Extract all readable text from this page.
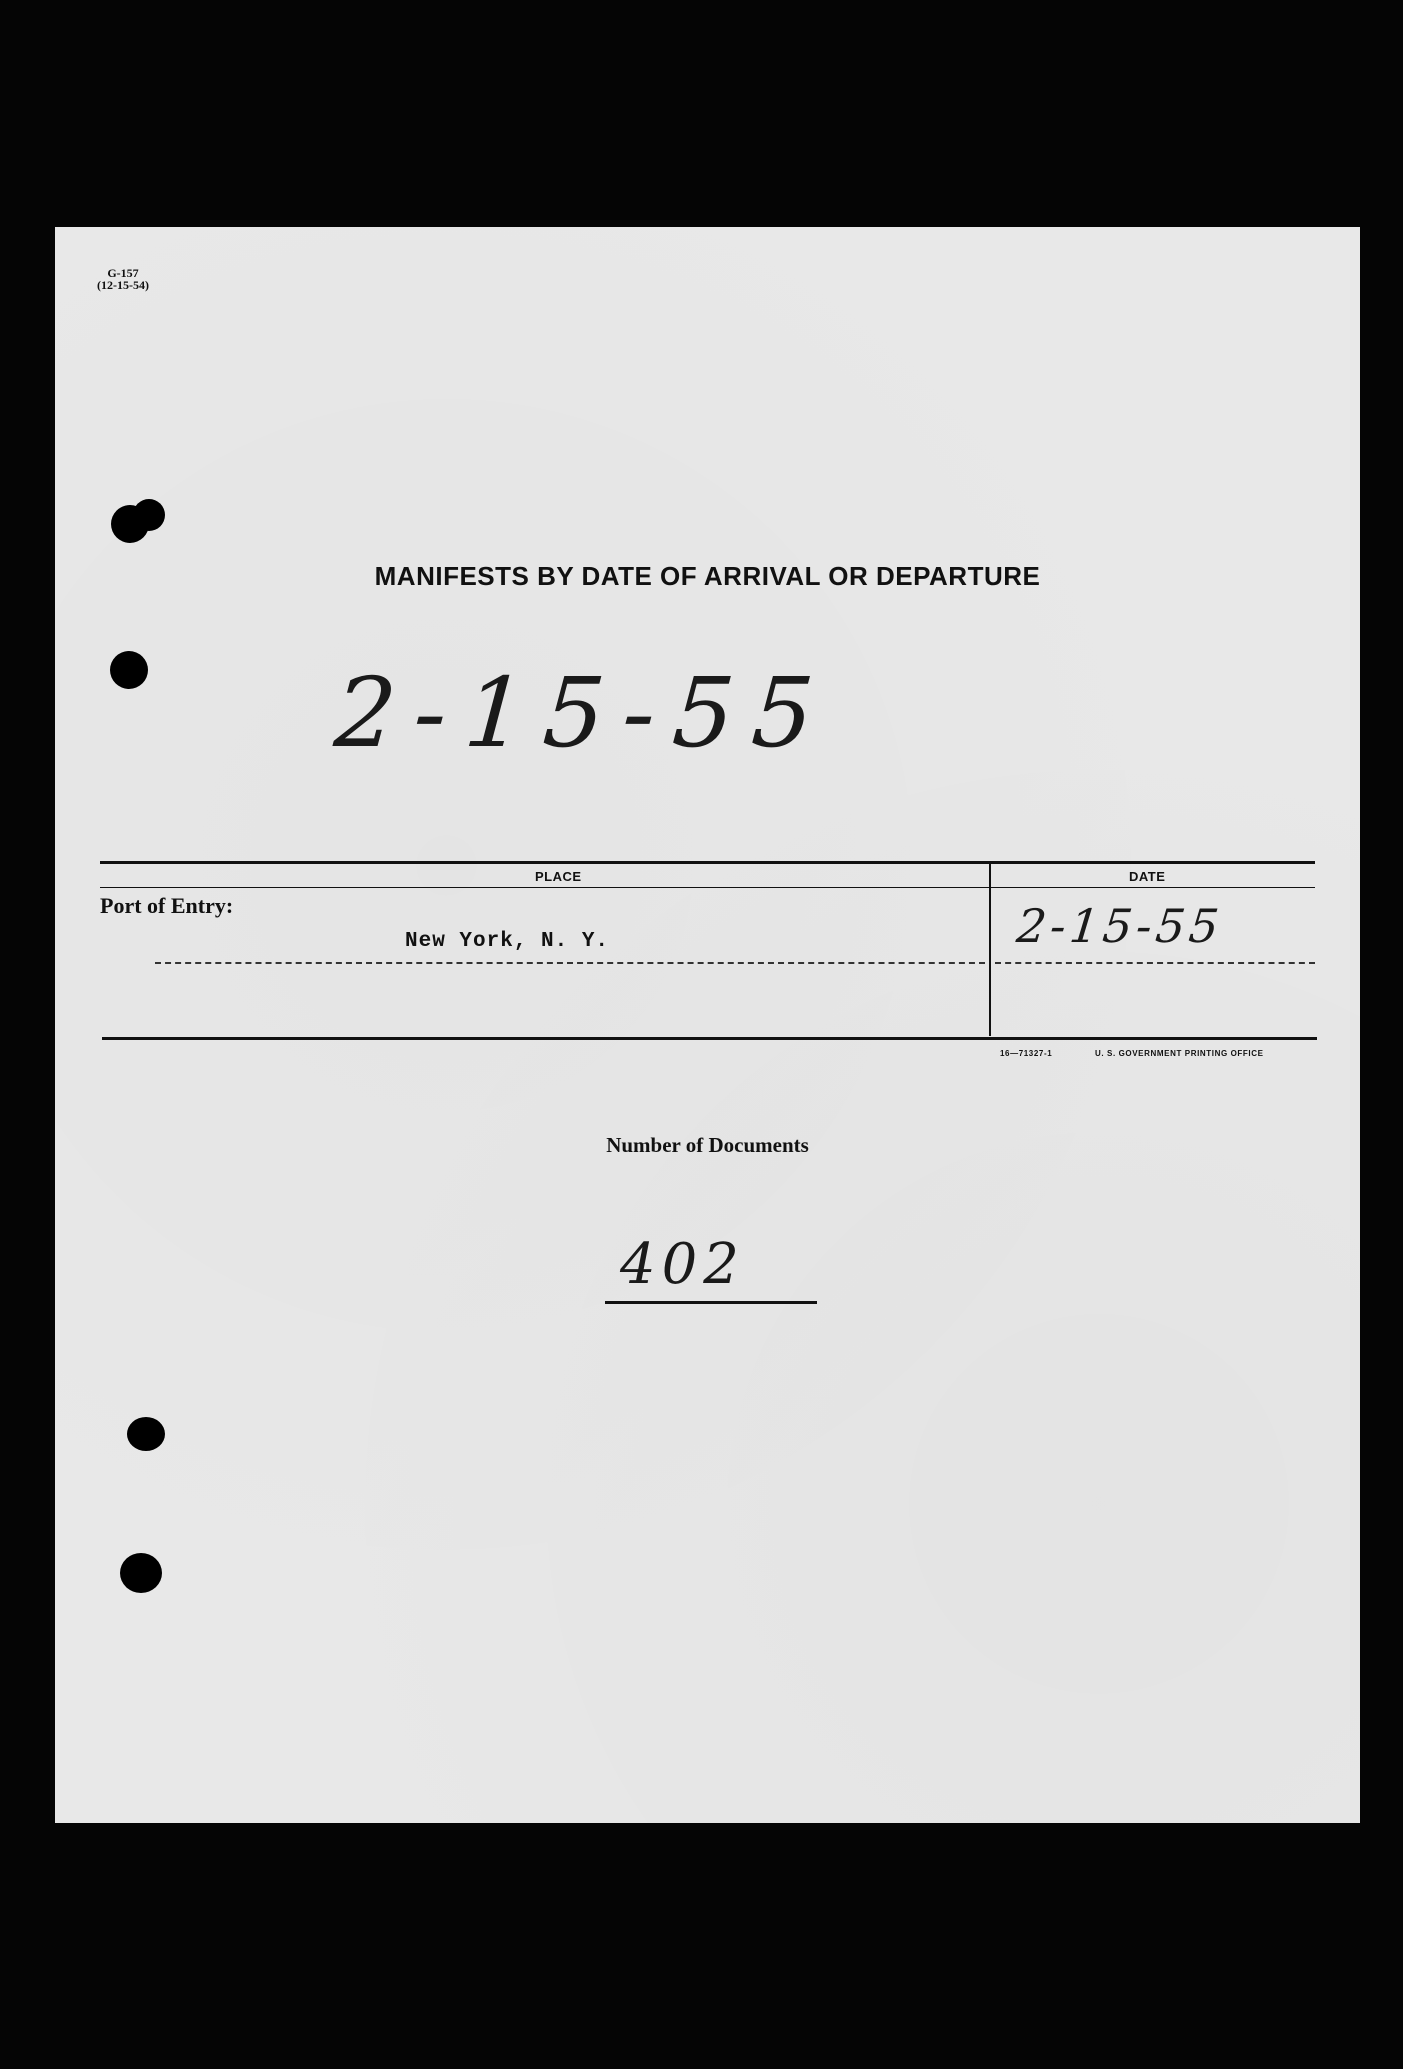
G-157
(12-15-54)
MANIFESTS BY DATE OF ARRIVAL OR DEPARTURE
2-15-55
PLACE	DATE
Port of Entry:
New York, N. Y.	2-15-55
16—71327-1	U. S. GOVERNMENT PRINTING OFFICE
Number of Documents
402
